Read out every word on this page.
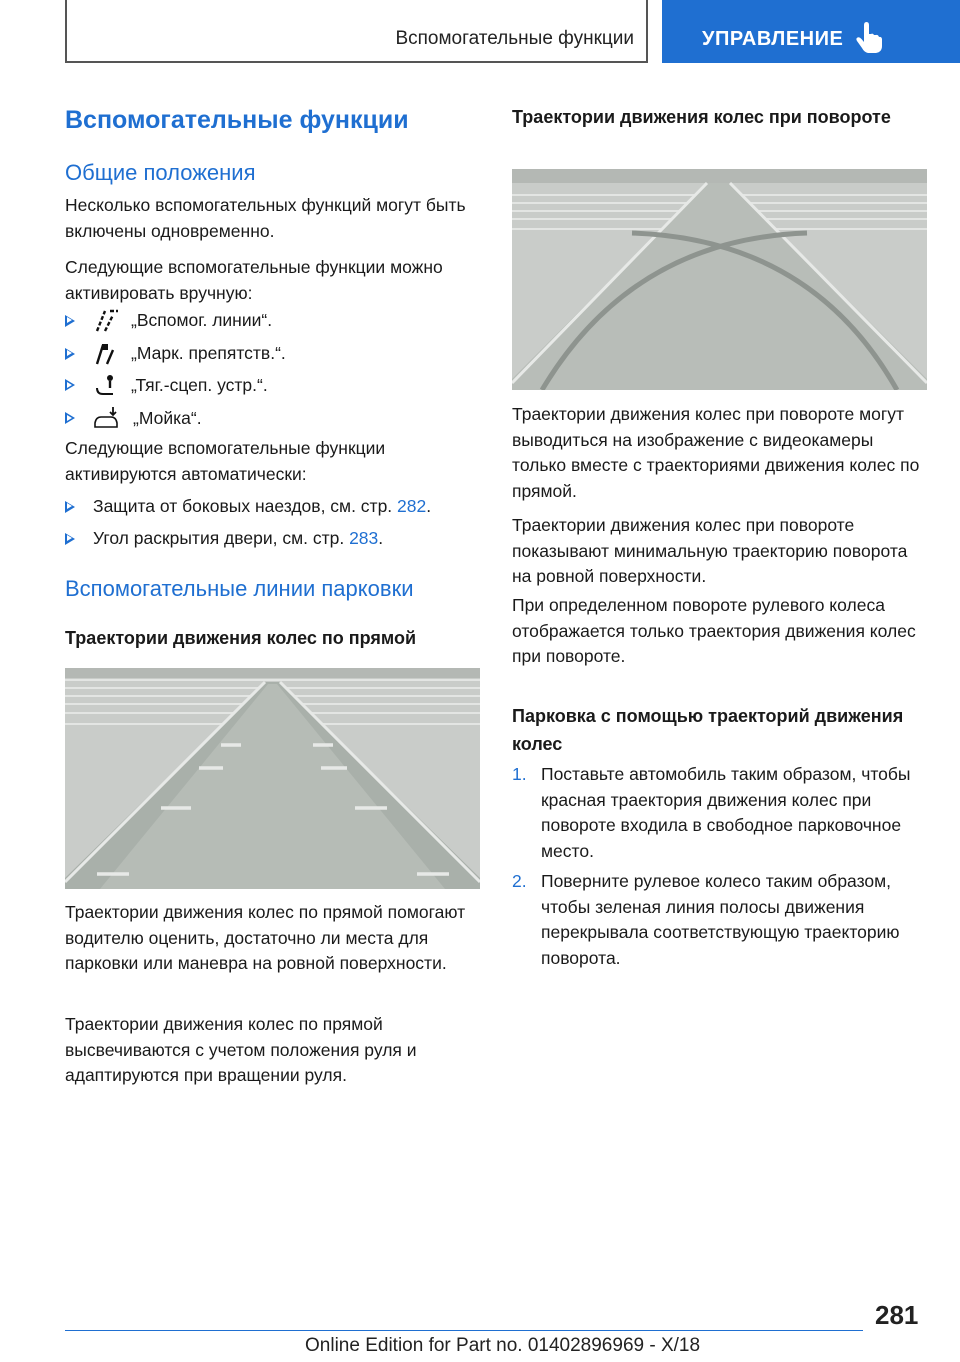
Вспомогательные функции	УПРАВЛЕНИЕ
Вспомогательные функции
Общие положения

Несколько вспомогательных функций могут быть включены одновременно.

Следующие вспомогательные функции можно активировать вручную:

„Вспомог. линии“.
„Марк. препятств.“.
„Тяг.-сцеп. устр.“.
„Мойка“.

Следующие вспомогательные функции активируются автоматически:

Защита от боковых наездов, см. стр. 282.
Угол раскрытия двери, см. стр. 283.
Вспомогательные линии парковки
Траектории движения колес по прямой

Траектории движения колес по прямой помогают водителю оценить, достаточно ли места для парковки или маневра на ровной поверхности.

Траектории движения колес по прямой высвечиваются с учетом положения руля и адаптируются при вращении руля.

Траектории движения колес при повороте

Траектории движения колес при повороте могут выводиться на изображение с видеокамеры только вместе с траекториями движения колес по прямой.

Траектории движения колес при повороте показывают минимальную траекторию поворота на ровной поверхности.

При определенном повороте рулевого колеса отображается только траектория движения колес при повороте.

Парковка с помощью траекторий движения колес
1. Поставьте автомобиль таким образом, чтобы красная траектория движения колес при повороте входила в свободное парковочное место.

2. Поверните рулевое колесо таким образом, чтобы зеленая линия полосы движения перекрывала соответствующую траекторию поворота.

281
Online Edition for Part no. 01402896969 - X/18
